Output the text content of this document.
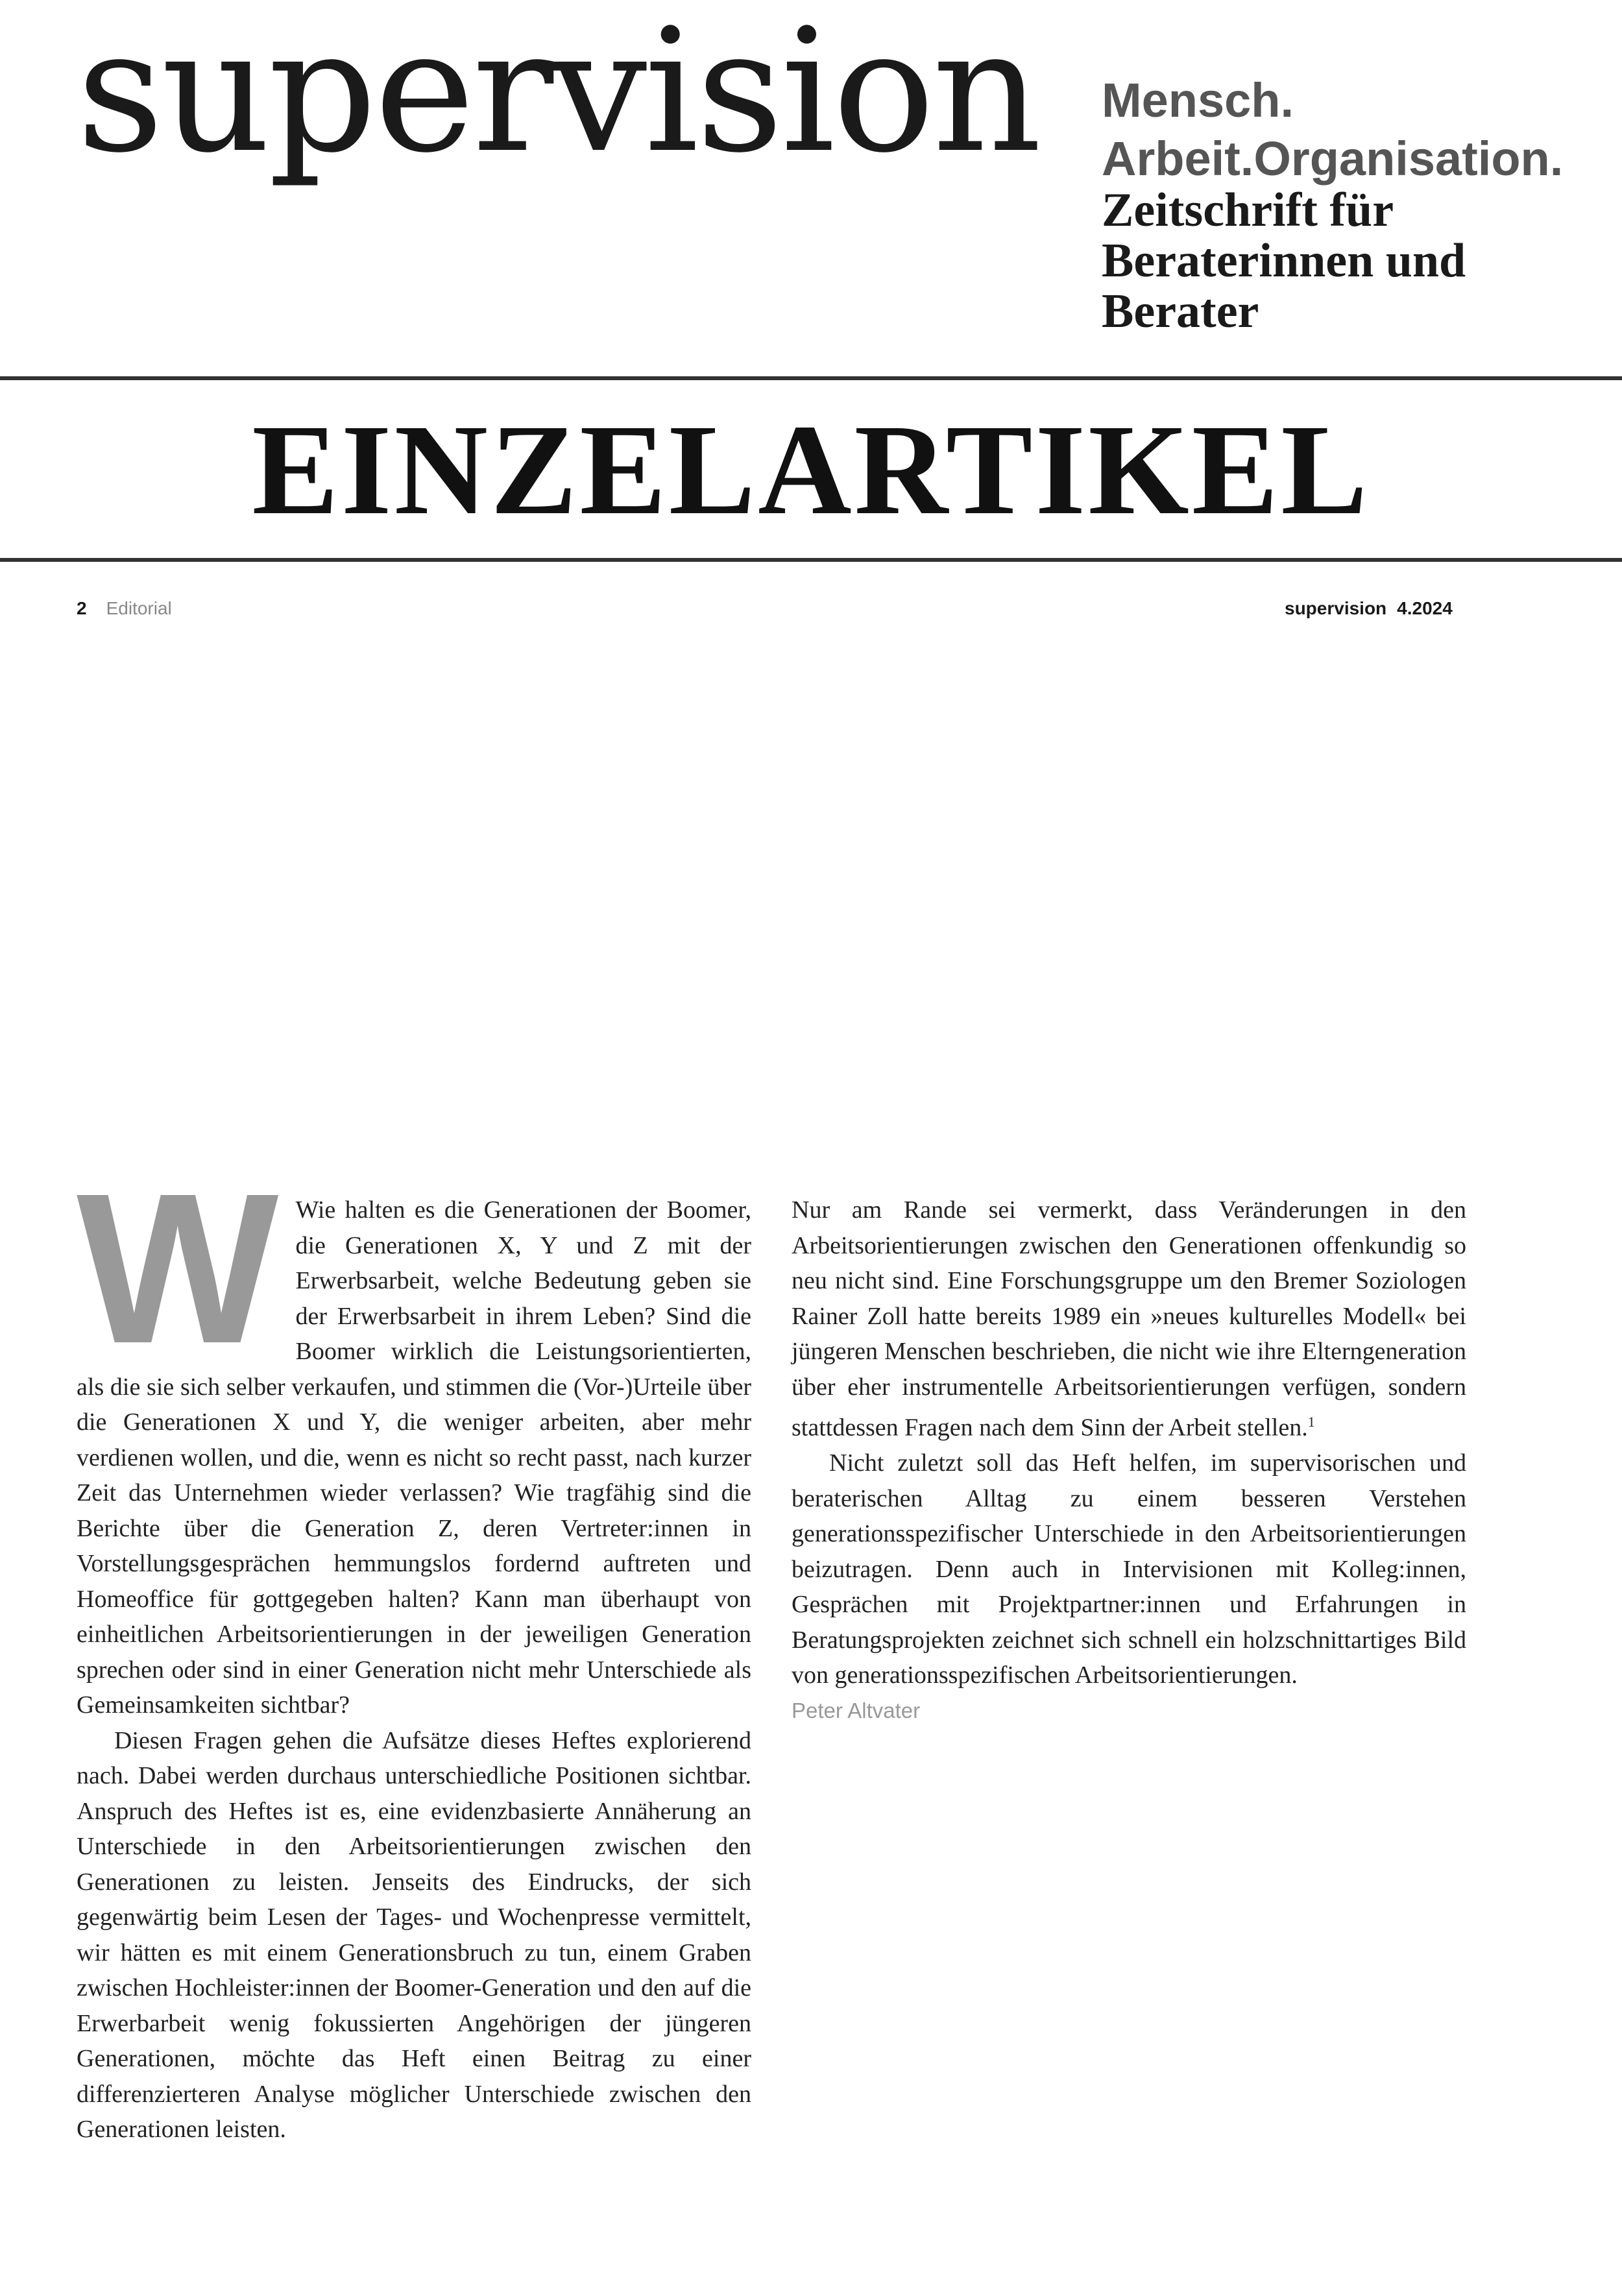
supervision Mensch.
Arbeit.Organisation.
Zeitschrift für Beraterinnen und Berater
EINZELARTIKEL
2 Editorial	supervision 4.2024
W Wie halten es die Generationen der Boomer, die Generationen X, Y und Z mit der Erwerbsarbeit, welche Bedeutung geben sie der Erwerbsarbeit in ihrem Leben? Sind die Boomer wirklich die Leistungsorientierten, als die sie sich selber verkaufen, und stimmen die (Vor-)Urteile über die Generationen X und Y, die weniger arbeiten, aber mehr verdienen wollen, und die, wenn es nicht so recht passt, nach kurzer Zeit das Unternehmen wieder verlassen? Wie tragfähig sind die Berichte über die Generation Z, deren Vertreter:innen in Vorstellungsgesprächen hemmungslos fordernd auftreten und Homeoffice für gottgegeben halten? Kann man überhaupt von einheitlichen Arbeitsorientierungen in der jeweiligen Generation sprechen oder sind in einer Generation nicht mehr Unterschiede als Gemeinsamkeiten sichtbar?

Diesen Fragen gehen die Aufsätze dieses Heftes explorierend nach. Dabei werden durchaus unterschiedliche Positionen sichtbar. Anspruch des Heftes ist es, eine evidenzbasierte Annäherung an Unterschiede in den Arbeitsorientierungen zwischen den Generationen zu leisten. Jenseits des Eindrucks, der sich gegenwärtig beim Lesen der Tages- und Wochenpresse vermittelt, wir hätten es mit einem Generationsbruch zu tun, einem Graben zwischen Hochleister:innen der Boomer-Generation und den auf die Erwerbarbeit wenig fokussierten Angehörigen der jüngeren Generationen, möchte das Heft einen Beitrag zu einer differenzierteren Analyse möglicher Unterschiede zwischen den Generationen leisten.

Nur am Rande sei vermerkt, dass Veränderungen in den Arbeitsorientierungen zwischen den Generationen offenkundig so neu nicht sind. Eine Forschungsgruppe um den Bremer Soziologen Rainer Zoll hatte bereits 1989 ein »neues kulturelles Modell« bei jüngeren Menschen beschrieben, die nicht wie ihre Elterngeneration über eher instrumentelle Arbeitsorientierungen verfügen, sondern stattdessen Fragen nach dem Sinn der Arbeit stellen.$^1$

Nicht zuletzt soll das Heft helfen, im supervisorischen und beraterischen Alltag zu einem besseren Verstehen generationsspezifischer Unterschiede in den Arbeitsorientierungen beizutragen. Denn auch in Intervisionen mit Kolleg:innen, Gesprächen mit Projektpartner:innen und Erfahrungen in Beratungsprojekten zeichnet sich schnell ein holzschnittartiges Bild von generationsspezifischen Arbeitsorientierungen.

Peter Altvater
